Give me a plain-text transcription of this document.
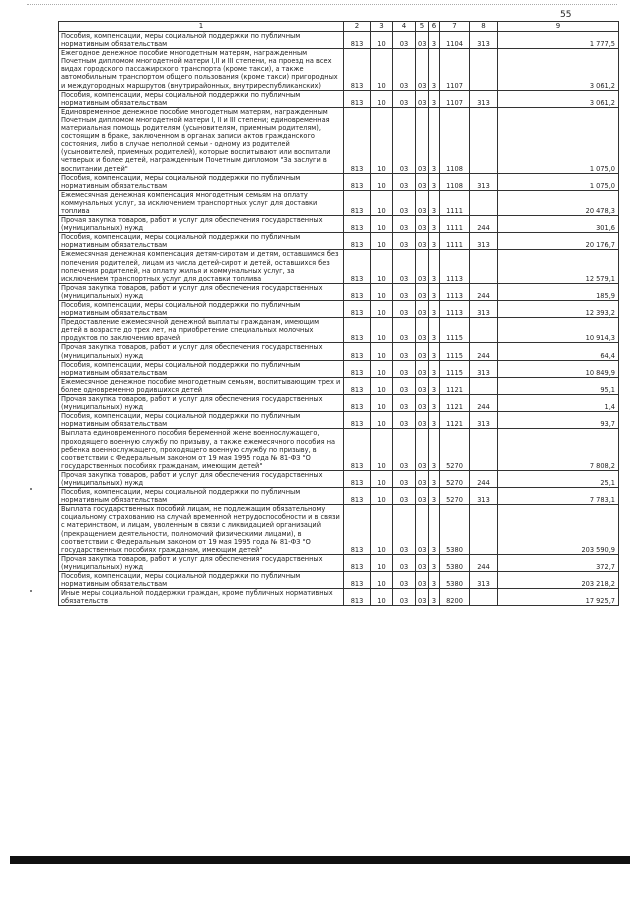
55
1	2	3	4	5	6	7	8	9
Пособия, компенсации, меры социальной поддержки по публичным нормативным обязательствам	813	10	03	03	3	1104	313	1 777,5
Ежегодное денежное пособие многодетным матерям, награжденным Почетным дипломом многодетной матери I,II и III степени, на проезд на всех видах городского пассажирского транспорта (кроме такси), а также автомобильным транспортом общего пользования (кроме такси) пригородных и междугородных маршрутов (внутрирайонных, внутриреспубликанских)	813	10	03	03	3	1107		3 061,2
Пособия, компенсации, меры социальной поддержки по публичным нормативным обязательствам	813	10	03	03	3	1107	313	3 061,2
Единовременное денежное пособие многодетным матерям, награжденным Почетным дипломом многодетной матери I, II и III степени; единовременная материальная помощь родителям (усыновителям, приемным родителям), состоящим в браке, заключенном в органах записи актов гражданского состояния, либо в случае неполной семьи - одному из родителей (усыновителей, приемных родителей), которые воспитывают или воспитали четверых и более детей, награжденным Почетным дипломом "За заслуги в воспитании детей"	813	10	03	03	3	1108		1 075,0
Пособия, компенсации, меры социальной поддержки по публичным нормативным обязательствам	813	10	03	03	3	1108	313	1 075,0
Ежемесячная денежная компенсация многодетным семьям на оплату коммунальных услуг, за исключением транспортных услуг для доставки топлива	813	10	03	03	3	1111		20 478,3
Прочая закупка товаров, работ и услуг для обеспечения государственных (муниципальных) нужд	813	10	03	03	3	1111	244	301,6
Пособия, компенсации, меры социальной поддержки по публичным нормативным обязательствам	813	10	03	03	3	1111	313	20 176,7
Ежемесячная денежная компенсация детям-сиротам и детям, оставшимся без попечения родителей, лицам из числа детей-сирот и детей, оставшихся без попечения родителей, на оплату жилья и коммунальных услуг, за исключением транспортных услуг для доставки топлива	813	10	03	03	3	1113		12 579,1
Прочая закупка товаров, работ и услуг для обеспечения государственных (муниципальных) нужд	813	10	03	03	3	1113	244	185,9
Пособия, компенсации, меры социальной поддержки по публичным нормативным обязательствам	813	10	03	03	3	1113	313	12 393,2
Предоставление ежемесячной денежной выплаты гражданам, имеющим детей в возрасте до трех лет, на приобретение специальных молочных продуктов по заключению врачей	813	10	03	03	3	1115		10 914,3
Прочая закупка товаров, работ и услуг для обеспечения государственных (муниципальных) нужд	813	10	03	03	3	1115	244	64,4
Пособия, компенсации, меры социальной поддержки по публичным нормативным обязательствам	813	10	03	03	3	1115	313	10 849,9
Ежемесячное денежное пособие многодетным семьям, воспитывающим трех и более одновременно родившихся детей	813	10	03	03	3	1121		95,1
Прочая закупка товаров, работ и услуг для обеспечения государственных (муниципальных) нужд	813	10	03	03	3	1121	244	1,4
Пособия, компенсации, меры социальной поддержки по публичным нормативным обязательствам	813	10	03	03	3	1121	313	93,7
Выплата единовременного пособия беременной жене военнослужащего, проходящего военную службу по призыву, а также ежемесячного пособия на ребенка военнослужащего, проходящего военную службу по призыву, в соответствии с Федеральным законом от 19 мая 1995 года № 81-ФЗ "О государственных пособиях гражданам, имеющим детей"	813	10	03	03	3	5270		7 808,2
Прочая закупка товаров, работ и услуг для обеспечения государственных (муниципальных) нужд	813	10	03	03	3	5270	244	25,1
Пособия, компенсации, меры социальной поддержки по публичным нормативным обязательствам	813	10	03	03	3	5270	313	7 783,1
Выплата государственных пособий лицам, не подлежащим обязательному социальному страхованию на случай временной нетрудоспособности и в связи с материнством, и лицам, уволенным в связи с ликвидацией организаций (прекращением деятельности, полномочий физическими лицами), в соответствии с Федеральным законом от 19 мая 1995 года № 81-ФЗ "О государственных пособиях гражданам, имеющим детей"	813	10	03	03	3	5380		203 590,9
Прочая закупка товаров, работ и услуг для обеспечения государственных (муниципальных) нужд	813	10	03	03	3	5380	244	372,7
Пособия, компенсации, меры социальной поддержки по публичным нормативным обязательствам	813	10	03	03	3	5380	313	203 218,2
Иные меры социальной поддержки граждан, кроме публичных нормативных обязательств	813	10	03	03	3	8200		17 925,7
